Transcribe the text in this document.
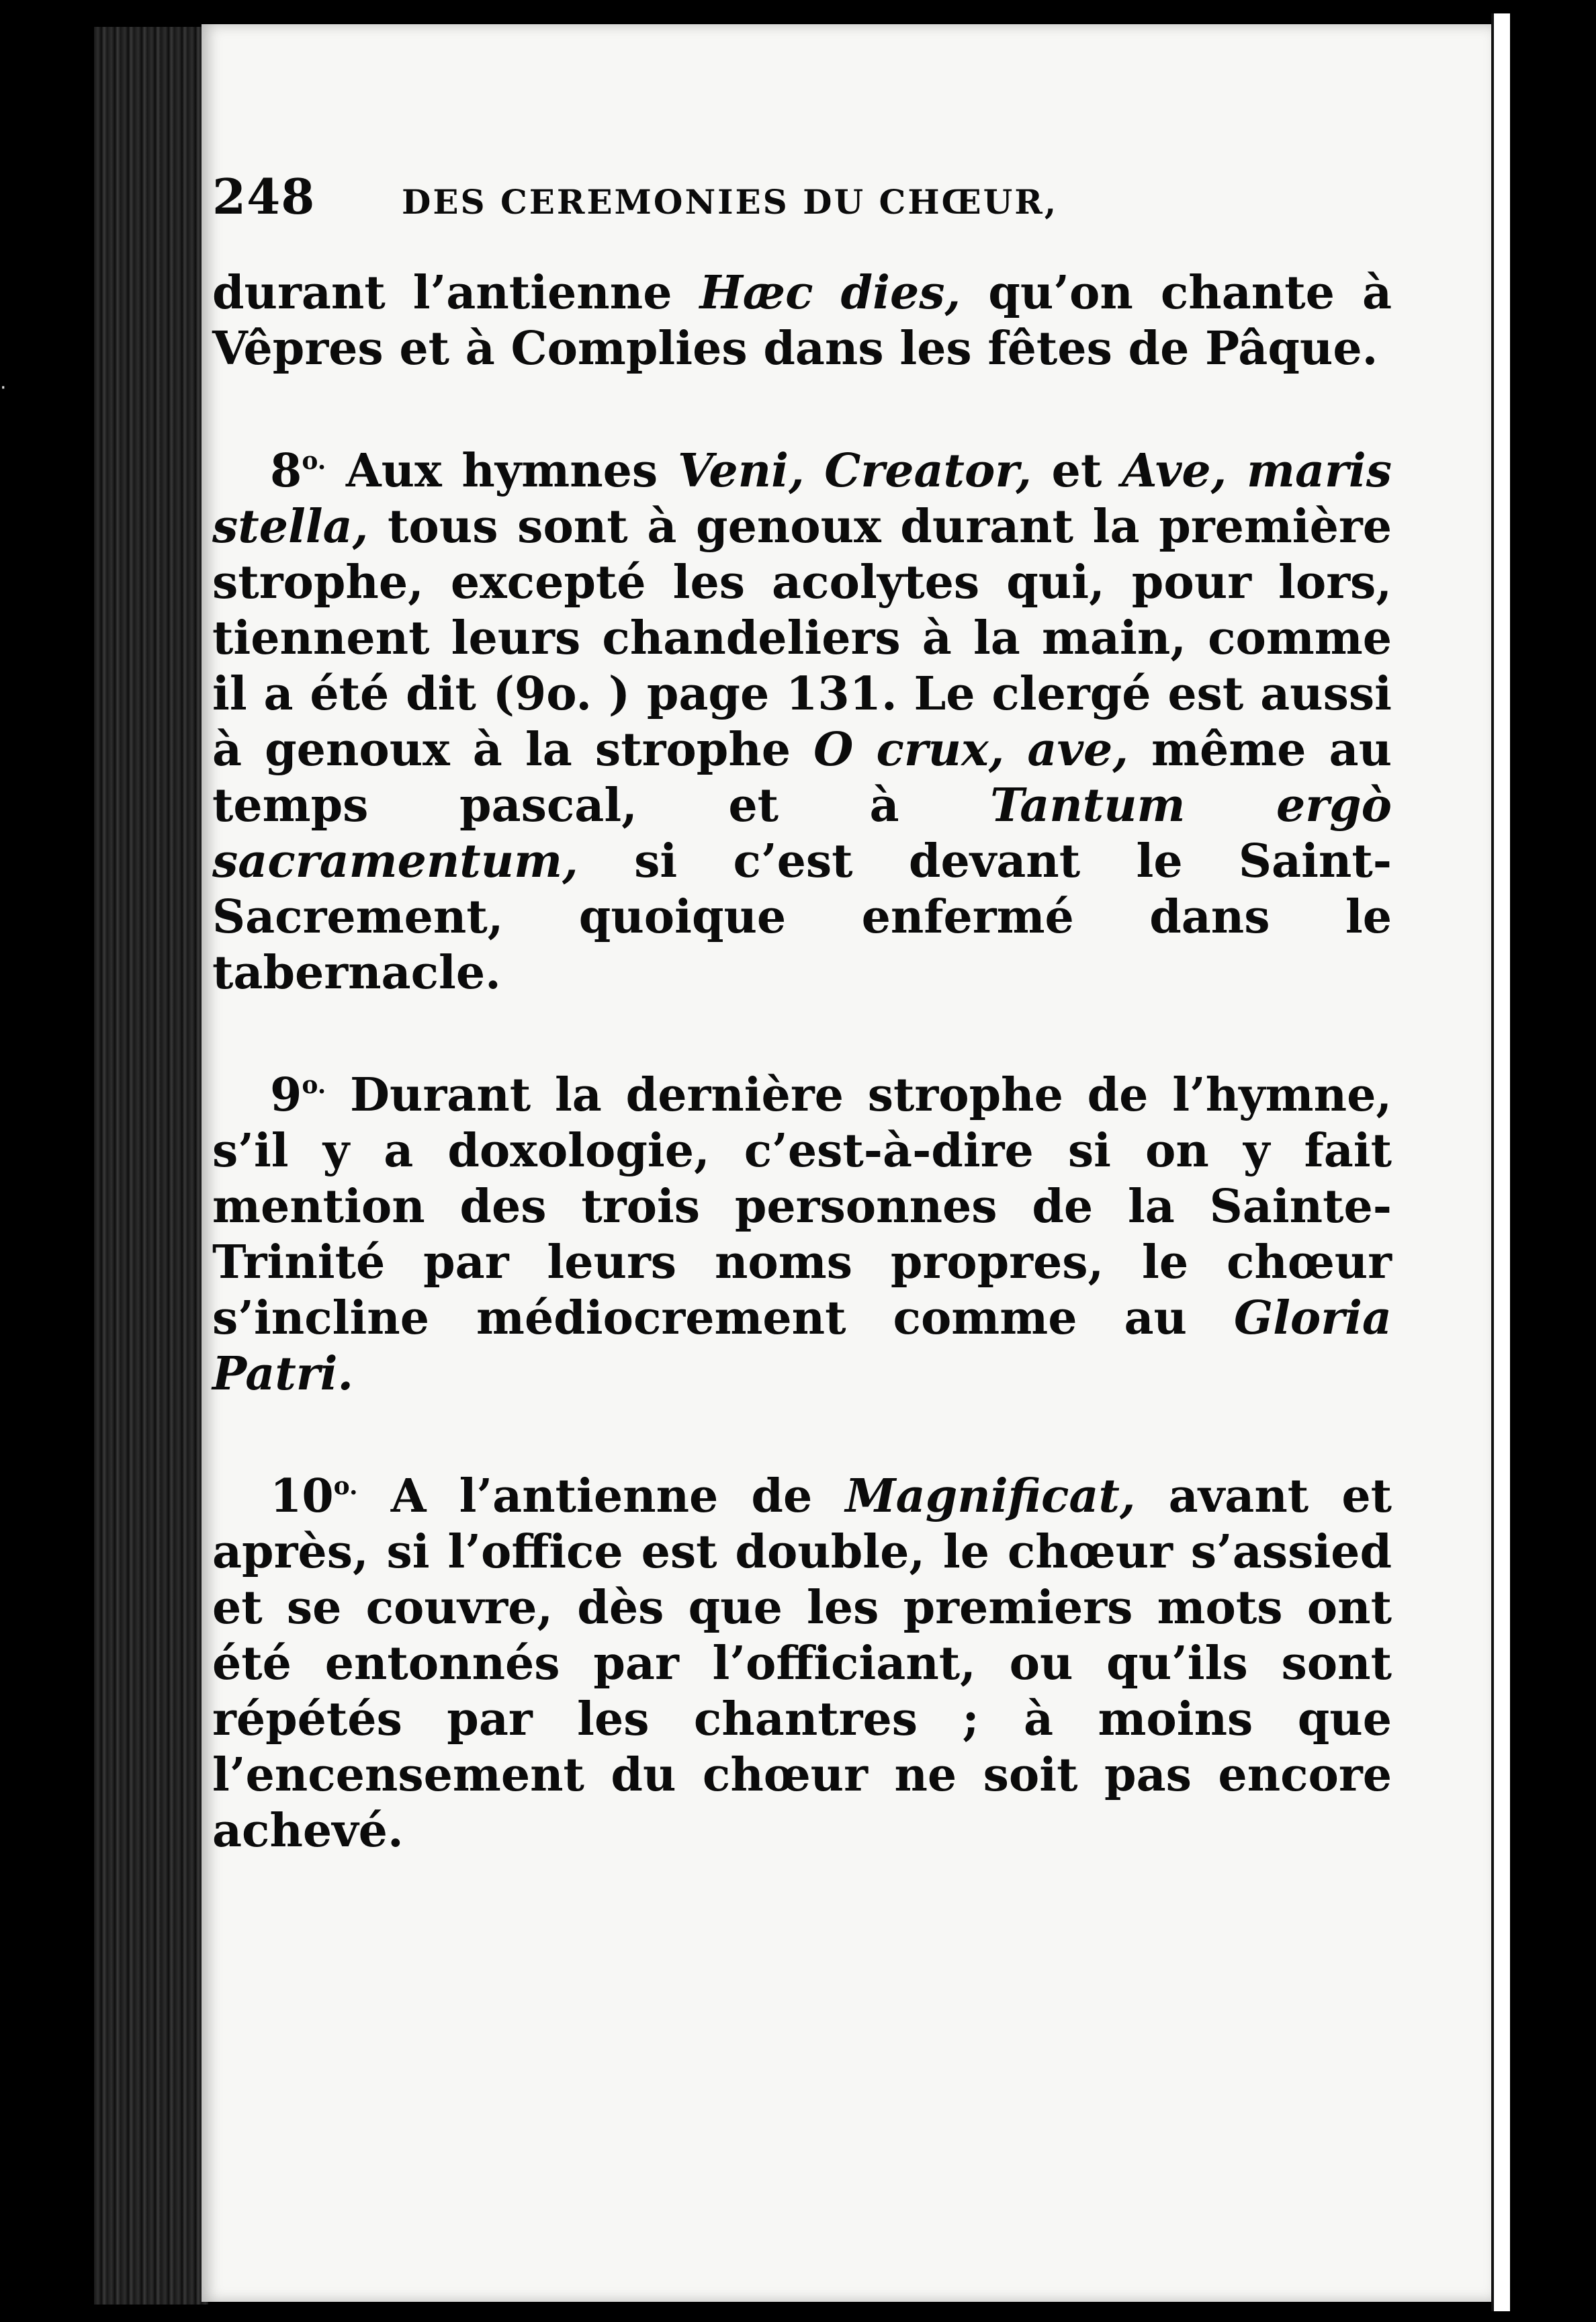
·
248	DES CEREMONIES DU CHŒUR,

durant l’antienne Hæc dies, qu’on chante à Vêpres et à Complies dans les fêtes de Pâque.

$8^{o.}$ Aux hymnes Veni, Creator, et Ave, maris stella, tous sont à genoux durant la première strophe, excepté les acolytes qui, pour lors, tiennent leurs chandeliers à la main, comme il a été dit (9o. ) page 131. Le clergé est aussi à genoux à la strophe O crux, ave, même au temps pascal, et à Tantum ergò sacramentum, si c’est devant le Saint-Sacrement, quoique enfermé dans le tabernacle.

$9^{o.}$ Durant la dernière strophe de l’hymne, s’il y a doxologie, c’est-à-dire si on y fait mention des trois personnes de la Sainte-Trinité par leurs noms propres, le chœur s’incline médiocrement comme au Gloria Patri.

$10^{o.}$ A l’antienne de Magnificat, avant et après, si l’office est double, le chœur s’assied et se couvre, dès que les premiers mots ont été entonnés par l’officiant, ou qu’ils sont répétés par les chantres ; à moins que l’encensement du chœur ne soit pas encore achevé.
